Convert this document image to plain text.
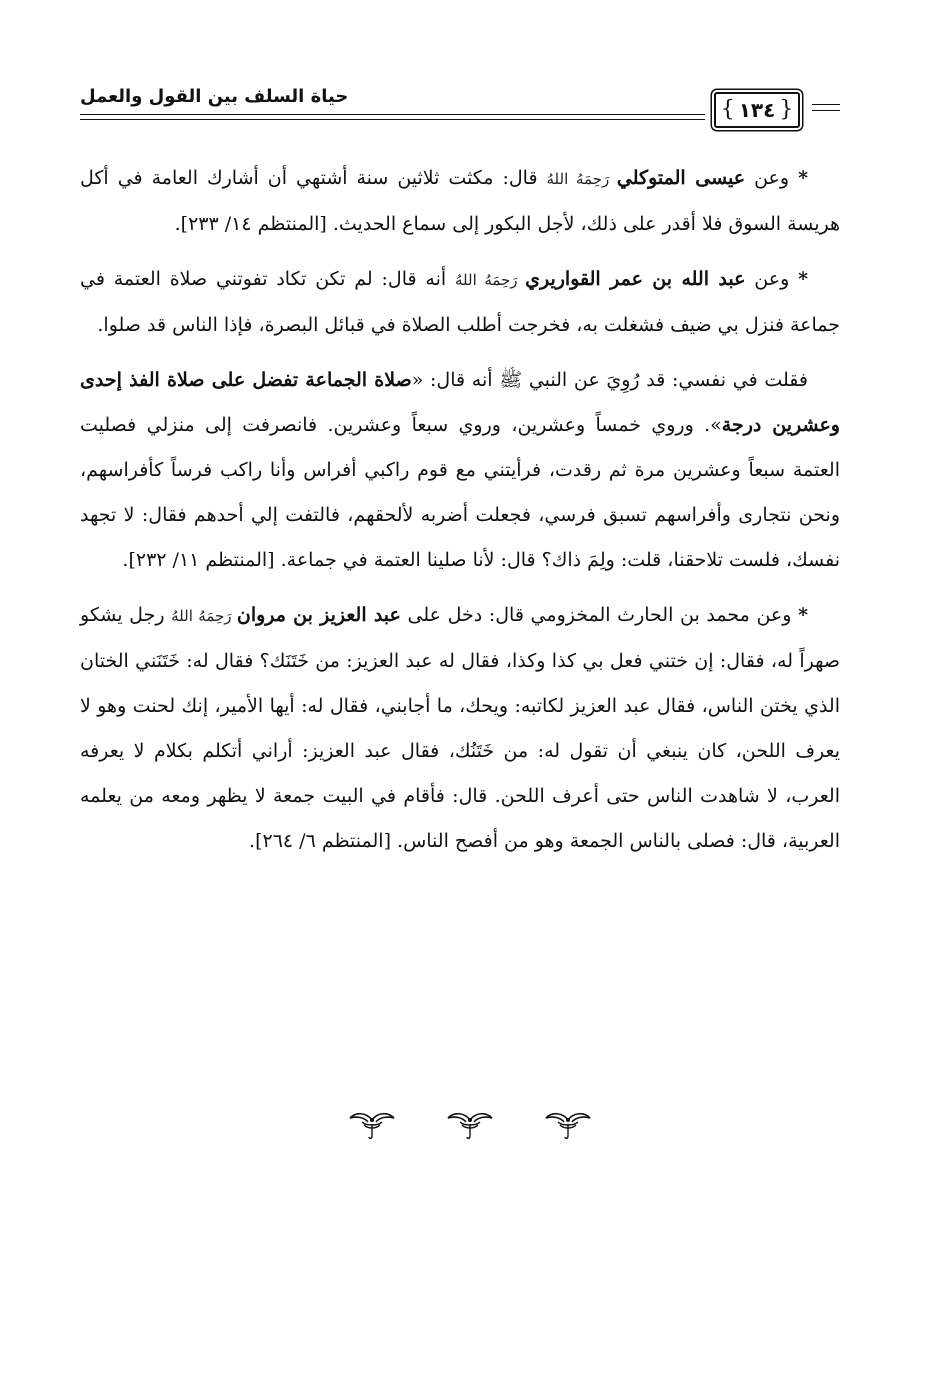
حياة السلف بين القول والعمل
{
١٣٤
}

* وعن عيسى المتوكلي رَحِمَهُ اللهُ قال: مكثت ثلاثين سنة أشتهي أن أشارك العامة في أكل هريسة السوق فلا أقدر على ذلك، لأجل البكور إلى سماع الحديث. [المنتظم ١٤/ ٢٣٣].

* وعن عبد الله بن عمر القواريري رَحِمَهُ اللهُ أنه قال: لم تكن تكاد تفوتني صلاة العتمة في جماعة فنزل بي ضيف فشغلت به، فخرجت أطلب الصلاة في قبائل البصرة، فإذا الناس قد صلوا.

فقلت في نفسي: قد رُوِيَ عن النبي ﷺ أنه قال: «صلاة الجماعة تفضل على صلاة الفذ إحدى وعشرين درجة». وروي خمساً وعشرين، وروي سبعاً وعشرين. فانصرفت إلى منزلي فصليت العتمة سبعاً وعشرين مرة ثم رقدت، فرأيتني مع قوم راكبي أفراس وأنا راكب فرساً كأفراسهم، ونحن نتجارى وأفراسهم تسبق فرسي، فجعلت أضربه لألحقهم، فالتفت إلي أحدهم فقال: لا تجهد نفسك، فلست تلاحقنا، قلت: ولِمَ ذاك؟ قال: لأنا صلينا العتمة في جماعة. [المنتظم ١١/ ٢٣٢].

* وعن محمد بن الحارث المخزومي قال: دخل على عبد العزيز بن مروان رَحِمَهُ اللهُ رجل يشكو صهراً له، فقال: إن ختني فعل بي كذا وكذا، فقال له عبد العزيز: من خَتَنَك؟ فقال له: خَتَنَني الختان الذي يختن الناس، فقال عبد العزيز لكاتبه: ويحك، ما أجابني، فقال له: أيها الأمير، إنك لحنت وهو لا يعرف اللحن، كان ينبغي أن تقول له: من خَتَنُك، فقال عبد العزيز: أراني أتكلم بكلام لا يعرفه العرب، لا شاهدت الناس حتى أعرف اللحن. قال: فأقام في البيت جمعة لا يظهر ومعه من يعلمه العربية، قال: فصلى بالناس الجمعة وهو من أفصح الناس. [المنتظم ٦/ ٢٦٤].
